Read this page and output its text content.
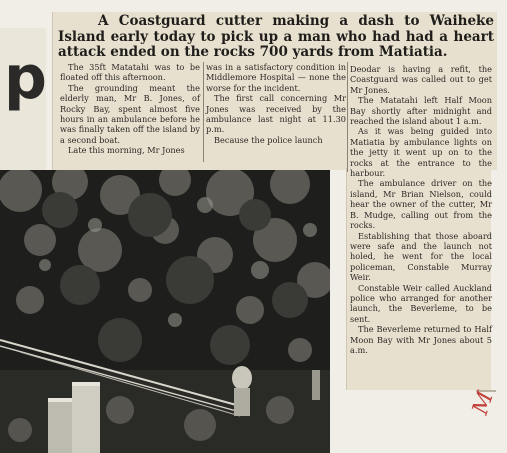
p
A Coastguard cutter making a dash to Waiheke Island early today to pick up a man who had had a heart attack ended on the rocks 700 yards from Matiatia.

The 35ft Matatahi was to be floated off this afternoon.

The grounding meant the elderly man, Mr B. Jones, of Rocky Bay, spent almost five hours in an ambulance before he was finally taken off the island by a second boat.

Late this morning, Mr Jones

was in a satisfactory condition in Middlemore Hospital — none the worse for the incident.

The first call concerning Mr Jones was received by the ambulance last night at 11.30 p.m.

Because the police launch

Deodar is having a refit, the Coastguard was called out to get Mr Jones.

The Matatahi left Half Moon Bay shortly after midnight and reached the island about 1 a.m.

As it was being guided into Matiatia by ambulance lights on the jetty it went up on to the rocks at the entrance to the harbour.

The ambulance driver on the island, Mr Brian Nielson, could hear the owner of the cutter, Mr B. Mudge, calling out from the rocks.

Establishing that those aboard were safe and the launch not holed, he went for the local policeman, Constable Murray Weir.

Constable Weir called Auckland police who arranged for another launch, the Beverleme, to be sent.

The Beverleme returned to Half Moon Bay with Mr Jones about 5 a.m.

M
